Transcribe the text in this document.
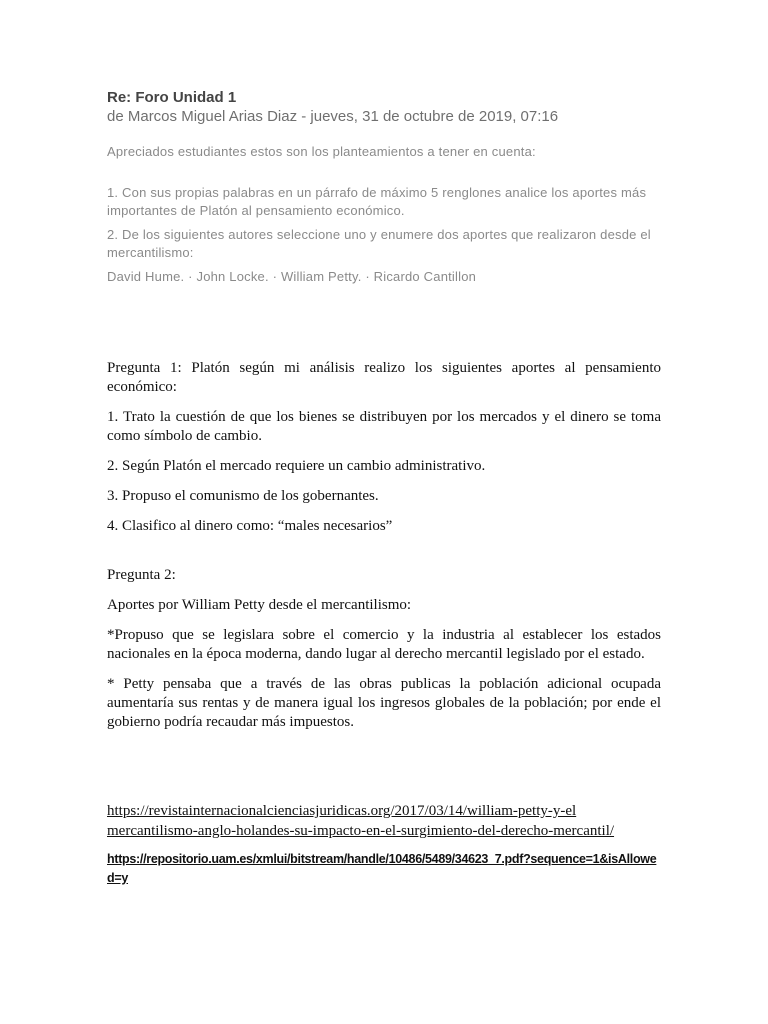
Re: Foro Unidad 1

de Marcos Miguel Arias Diaz - jueves, 31 de octubre de 2019, 07:16

Apreciados estudiantes estos son los planteamientos a tener en cuenta:

1. Con sus propias palabras en un párrafo de máximo 5 renglones analice los aportes más importantes de Platón al pensamiento económico.

2. De los siguientes autores seleccione uno y enumere dos aportes que realizaron desde el mercantilismo:

David Hume. · John Locke. · William Petty. · Ricardo Cantillon

Pregunta 1: Platón según mi análisis realizo los siguientes aportes al pensamiento económico:

1. Trato la cuestión de que los bienes se distribuyen por los mercados y el dinero se toma como símbolo de cambio.

2. Según Platón el mercado requiere un cambio administrativo.

3. Propuso el comunismo de los gobernantes.

4. Clasifico al dinero como: “males necesarios”

Pregunta 2:

Aportes por William Petty desde el mercantilismo:

*Propuso que se legislara sobre el comercio y la industria al establecer los estados nacionales en la época moderna, dando lugar al derecho mercantil legislado por el estado.

* Petty pensaba que a través de las obras publicas la población adicional ocupada aumentaría sus rentas y de manera igual los ingresos globales de la población; por ende el gobierno podría recaudar más impuestos.

https://revistainternacionalcienciasjuridicas.org/2017/03/14/william-petty-y-el mercantilismo-anglo-holandes-su-impacto-en-el-surgimiento-del-derecho-mercantil/
https://repositorio.uam.es/xmlui/bitstream/handle/10486/5489/34623_7.pdf?sequence=1&isAllowed=y
